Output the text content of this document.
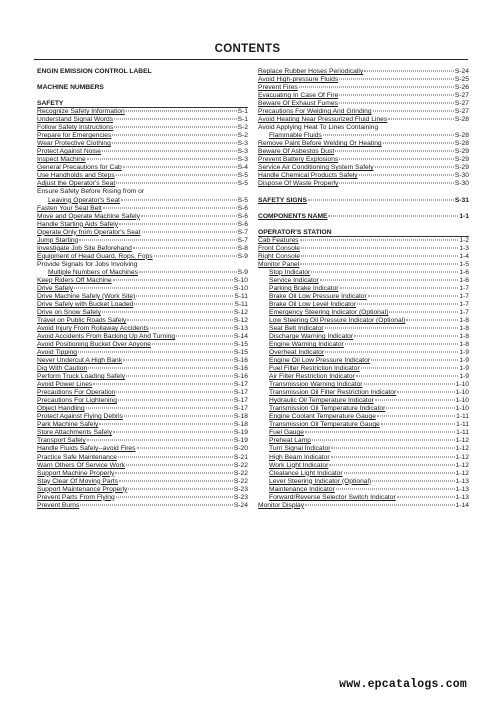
CONTENTS
ENGIN EMISSION CONTROL LABEL
MACHINE NUMBERS
SAFETY
Recognize Safety Information	S-1
Understand Signal Words	S-1
Follow Safety Instructions	S-2
Prepare for Emergencies	S-2
Wear Protective Clothing	S-3
Protect Against Noise	S-3
Inspect Machine	S-3
General Precautions for Cab	S-4
Use Handholds and Steps	S-5
Adjust the Operator's Seat	S-5
Ensure Safety Before Rising from or
Leaving Operator's Seat	S-5
Fasten Your Seat Belt	S-6
Move and Operate Machine Safely	S-6
Handle Starting Aids Safely	S-6
Operate Only from Operator's Seat	S-7
Jump Starting	S-7
Investigate Job Site Beforehand	S-8
Equipment of Head Guard, Rops, Fops	S-9
Provide Signals for Jobs Involving
Multiple Numbers of Machines	S-9
Keep Riders Off Machine	S-10
Drive Safely	S-10
Drive Machine Safely (Work Site)	S-11
Drive Safely with Bucket Loaded	S-11
Drive on Snow Safely	S-12
Travel on Public Roads Safely	S-12
Avoid Injury From Rollaway Accidents	S-13
Avoid Accidents From Backing Up And Turning	S-14
Avoid Positioning Bucket Over Anyone	S-15
Avoid Tipping	S-15
Never Undercut A High Bank	S-16
Dig With Caution	S-16
Perform Truck Loading Safely	S-16
Avoid Power Lines	S-17
Precautions For Operation	S-17
Precautions For Lightening	S-17
Object Handling	S-17
Protect Against Flying Debris	S-18
Park Machine Safely	S-18
Store Attachments Safely	S-19
Transport Safely	S-19
Handle Fluids Safely--avoid Fires	S-20
Practice Safe Maintenance	S-21
Warn Others Of Service Work	S-22
Support Machine Properly	S-22
Stay Clear Of Moving Parts	S-22
Support Maintenance Properly	S-23
Prevent Parts From Flying	S-23
Prevent Burns	S-24
Replace Rubber Hoses Periodically	S-24
Avoid High-pressure Fluids	S-25
Prevent Fires	S-26
Evacuating In Case Of Fire	S-27
Beware Of Exhaust Fumes	S-27
Precautions For Welding And Grinding	S-27
Avoid Heating Near Pressurized Fluid Lines	S-28
Avoid Applying Heat To Lines Containing
Flammable Fluids	S-28
Remove Paint Before Welding Or Heating	S-28
Beware Of Asbestos Dust	S-29
Prevent Battery Explosions	S-29
Service Air Conditioning System Safely	S-29
Handle Chemical Products Safely	S-30
Dispose Of Waste Properly	S-30
SAFETY SIGNS	S-31
COMPONENTS NAME	1-1
OPERATOR'S STATION
Cab Features	1-2
Front Console	1-3
Right Console	1-4
Monitor Panel	1-5
Stop Indicator	1-6
Service Indicator	1-6
Parking Brake Indicator	1-7
Brake Oil Low Pressure Indicator	1-7
Brake Oil Low Level Indicator	1-7
Emergency Steering Indicator (Optional)	1-7
Low Steering Oil Pressure Indicator (Optional)	1-8
Seat Belt Indicator	1-8
Discharge Warning Indicator	1-8
Engine Warning Indicator	1-8
Overheat Indicator	1-9
Engine Oil Low Pressure Indicator	1-9
Fuel Filter Restriction Indicator	1-9
Air Filter Restriction Indicator	1-9
Transmission Warning Indicator	1-10
Transmission Oil Filter Restriction Indicator	1-10
Hydraulic Oil Temperature Indicator	1-10
Transmission Oil Temperature Indicator	1-10
Engine Coolant Temperature Gauge	1-11
Transmission Oil Temperature Gauge	1-11
Fuel Gauge	1-11
Preheat Lamp	1-12
Turn Signal Indicator	1-12
High Beam Indicator	1-12
Work Light Indicator	1-12
Clealance Light Indicator	1-12
Lever Steering Indicator (Optional)	1-13
Maintenance Indicator	1-13
Forward/Reverse Selector Switch Indicator	1-13
Monitor Display	1-14
www.epcatalogs.com
